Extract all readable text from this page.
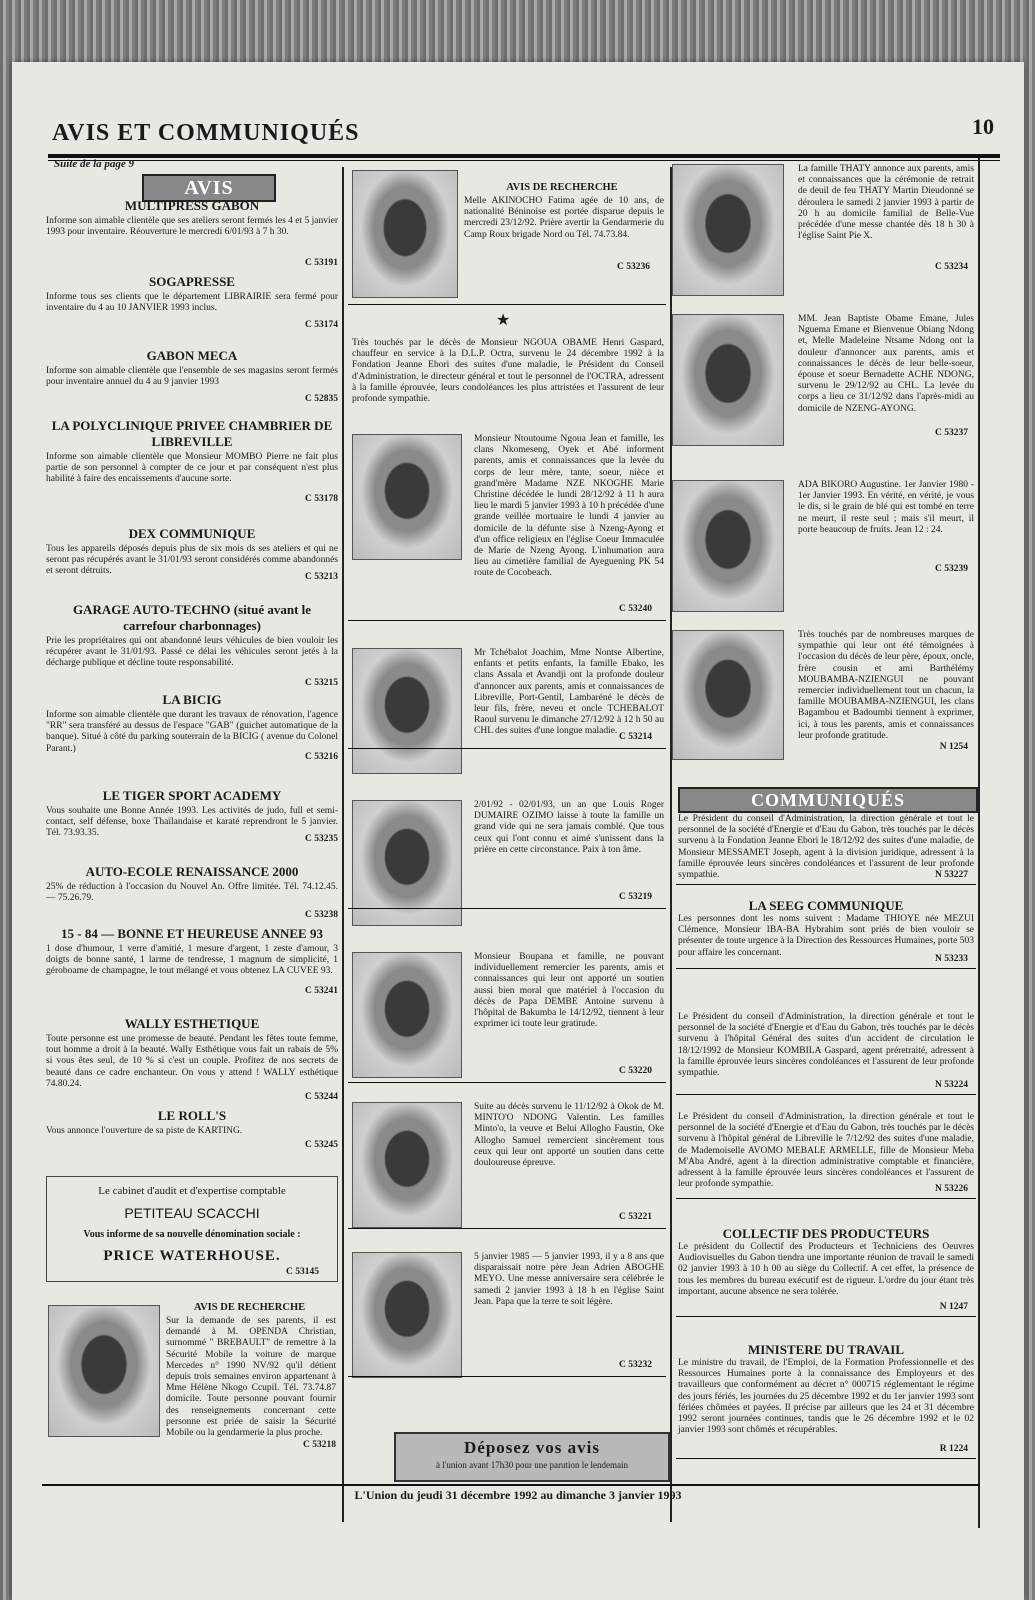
AVIS ET COMMUNIQUÉS	10
Suite de la page 9
AVIS
MULTIPRESS GABON
Informe son aimable clientèle que ses ateliers seront fermés les 4 et 5 janvier 1993 pour inventaire. Réouverture le mercredi 6/01/93 à 7 h 30.
C 53191
SOGAPRESSE
Informe tous ses clients que le département LIBRAIRIE sera fermé pour inventaire du 4 au 10 JANVIER 1993 inclus.
C 53174
GABON MECA
Informe son aimable clientèle que l'ensemble de ses magasins seront fermés pour inventaire annuel du 4 au 9 janvier 1993
C 52835
LA POLYCLINIQUE PRIVEE CHAMBRIER DE LIBREVILLE
Informe son aimable clientèle que Monsieur MOMBO Pierre ne fait plus partie de son personnel à compter de ce jour et par conséquent n'est plus habilité à faire des encaissements d'aucune sorte.
C 53178
DEX COMMUNIQUE
Tous les appareils déposés depuis plus de six mois ds ses ateliers et qui ne seront pas récupérés avant le 31/01/93 seront considérés comme abandonnés et seront détruits.
C 53213
GARAGE AUTO-TECHNO (situé avant le carrefour charbonnages)
Prie les propriétaires qui ont abandonné leurs véhicules de bien vouloir les récupérer avant le 31/01/93. Passé ce délai les véhicules seront jetés à la décharge publique et décline toute responsabilité.
C 53215
LA BICIG
Informe son aimable clientèle que durant les travaux de rénovation, l'agence "RR" sera transféré au dessus de l'espace "GAB" (guichet automatique de la banque). Situé à côté du parking souterrain de la BICIG ( avenue du Colonel Parant.)
C 53216
LE TIGER SPORT ACADEMY
Vous souhaite une Bonne Année 1993. Les activités de judo, full et semi-contact, self défense, boxe Thaïlandaise et karaté reprendront le 5 janvier. Tél. 73.93.35.
C 53235
AUTO-ECOLE RENAISSANCE 2000
25% de réduction à l'occasion du Nouvel An. Offre limitée. Tél. 74.12.45. — 75.26.79.
C 53238
15 - 84 — BONNE ET HEUREUSE ANNEE 93
1 dose d'humour, 1 verre d'amitié, 1 mesure d'argent, 1 zeste d'amour, 3 doigts de bonne santé, 1 larme de tendresse, 1 magnum de simplicité, 1 géroboame de champagne, le tout mélangé et vous obtenez LA CUVEE 93.
C 53241
WALLY ESTHETIQUE
Toute personne est une promesse de beauté. Pendant les fêtes toute femme, tout homme a droit à la beauté. Wally Esthétique vous fait un rabais de 5% si vous êtes seul, de 10 % si c'est un couple. Profitez de nos secrets de beauté dans ce cadre enchanteur. On vous y attend ! WALLY esthétique 74.80.24.
C 53244
LE ROLL'S
Vous annonce l'ouverture de sa piste de KARTING.
C 53245
Le cabinet d'audit et d'expertise comptable
PETITEAU SCACCHI
Vous informe de sa nouvelle dénomination sociale :
PRICE WATERHOUSE.
C 53145
AVIS DE RECHERCHE
Sur la demande de ses parents, il est demandé à M. OPENDA Christian, surnommé " BREBAULT" de remettre à la Sécurité Mobile la voiture de marque Mercedes n° 1990 NV/92 qu'il détient depuis trois semaines environ appartenant à Mme Hélène Nkogo Ccupil. Tél. 73.74.87 domicile. Toute personne pouvant fournir des renseignements concernant cette personne est priée de saisir la Sécurité Mobile ou la gendarmerie la plus proche.
C 53218
AVIS DE RECHERCHE
Melle AKINOCHO Fatima agée de 10 ans, de nationalité Béninoise est portée disparue depuis le mercredi 23/12/92. Prière avertir la Gendarmerie du Camp Roux brigade Nord ou Tél. 74.73.84.
C 53236
★
Très touchés par le décès de Monsieur NGOUA OBAME Henri Gaspard, chauffeur en service à la D.L.P. Octra, survenu le 24 décembre 1992 à la Fondation Jeanne Ebori des suites d'une maladie, le Président du Conseil d'Administration, le directeur général et tout le personnel de l'OCTRA, adressent à la famille éprouvée, leurs condoléances les plus attristées et l'assurent de leur profonde sympathie.
Monsieur Ntoutoume Ngoua Jean et famille, les clans Nkomeseng, Oyek et Abé informent parents, amis et connaissances que la levée du corps de leur mère, tante, soeur, nièce et grand'mère Madame NZE NKOGHE Marie Christine décédée le lundi 28/12/92 à 11 h aura lieu le mardi 5 janvier 1993 à 10 h précédée d'une grande veillée mortuaire le lundi 4 janvier au domicile de la défunte sise à Nzeng-Ayong et d'un office religieux en l'église Coeur Immaculée de Marie de Nzeng Ayong. L'inhumation aura lieu au cimetière familial de Ayeguening PK 54 route de Cocobeach.
C 53240
Mr Tchébalot Joachim, Mme Nontse Albertine, enfants et petits enfants, la famille Ebako, les clans Assala et Avandji ont la profonde douleur d'annoncer aux parents, amis et connaissances de Libreville, Port-Gentil, Lambaréné le décès de leur fils, frère, neveu et oncle TCHEBALOT Raoul survenu le dimanche 27/12/92 à 12 h 50 au CHL des suites d'une longue maladie.
C 53214
2/01/92 - 02/01/93, un an que Louis Roger DUMAIRE OZIMO laisse à toute la famille un grand vide qui ne sera jamais comblé. Que tous ceux qui l'ont connu et aimé s'unissent dans la prière en cette circonstance. Paix à ton âme.
C 53219
Monsieur Boupana et famille, ne pouvant individuellement remercier les parents, amis et connaissances qui leur ont apporté un soutien aussi bien moral que matériel à l'occasion du décès de Papa DEMBE Antoine survenu à l'hôpital de Bakumba le 14/12/92, tiennent à leur exprimer ici toute leur gratitude.
C 53220
Suite au décès survenu le 11/12/92 à Okok de M. MINTO'O NDONG Valentin. Les familles Minto'o, la veuve et Belui Allogho Faustin, Oke Allogho Samuel remercient sincèrement tous ceux qui leur ont apporté un soutien dans cette douloureuse épreuve.
C 53221
5 janvier 1985 — 5 janvier 1993, il y a 8 ans que disparaissait notre père Jean Adrien ABOGHE MEYO. Une messe anniversaire sera célébrée le samedi 2 janvier 1993 à 18 h en l'église Saint Jean. Papa que la terre te soit légère.
C 53232
Déposez vos avis
à l'union avant 17h30 pour une parution le lendemain
La famille THATY annonce aux parents, amis et connaissances que la cérémonie de retrait de deuil de feu THATY Martin Dieudonné se déroulera le samedi 2 janvier 1993 à partir de 20 h au domicile familial de Belle-Vue précédée d'une messe chantée dès 18 h 30 à l'église Saint Pie X.
C 53234
MM. Jean Baptiste Obame Emane, Jules Nguema Emane et Bienvenue Obiang Ndong et, Melle Madeleine Ntsame Ndong ont la douleur d'annoncer aux parents, amis et connaissances le décès de leur belle-soeur, épouse et soeur Bernadette ACHE NDONG, survenu le 29/12/92 au CHL. La levée du corps a lieu ce 31/12/92 dans l'après-midi au domicile de NZENG-AYONG.
C 53237
ADA BIKORO Augustine. 1er Janvier 1980 - 1er Janvier 1993. En vérité, en vérité, je vous le dis, si le grain de blé qui est tombé en terre ne meurt, il reste seul ; mais s'il meurt, il porte beaucoup de fruits. Jean 12 : 24.
C 53239
Très touchés par de nombreuses marques de sympathie qui leur ont été témoignées à l'occasion du décès de leur père, époux, oncle, frère cousin et ami Barthélémy MOUBAMBA-NZIENGUI ne pouvant remercier individuellement tout un chacun, la famille MOUBAMBA-NZIENGUI, les clans Bagambou et Badoumbi tiennent à exprimer, ici, à tous les parents, amis et connaissances leur profonde gratitude.
N 1254
COMMUNIQUÉS
Le Président du conseil d'Administration, la direction générale et tout le personnel de la société d'Energie et d'Eau du Gabon, très touchés par le décès survenu à la Fondation Jeanne Ebori le 18/12/92 des suites d'une maladie, de Monsieur MESSAMET Joseph, agent à la division juridique, adressent à la famille éprouvée leurs sincères condoléances et l'assurent de leur profonde sympathie.	N 53227
LA SEEG COMMUNIQUE
Les personnes dont les noms suivent : Madame THIOYE née MEZUI Clémence, Monsieur IBA-BA Hybrahim sont priés de bien vouloir se présenter de toute urgence à la Direction des Ressources Humaines, porte 503 pour affaire les concernant.
N 53233
Le Président du conseil d'Administration, la direction générale et tout le personnel de la société d'Energie et d'Eau du Gabon, très touchés par le décès survenu à l'hôpital Général des suites d'un accident de circulation le 18/12/1992 de Monsieur KOMBILA Gaspard, agent préretraité, adressent à la famille éprouvée leurs sincères condoléances et l'assurent de leur profonde sympathie.
N 53224
Le Président du conseil d'Administration, la direction générale et tout le personnel de la société d'Energie et d'Eau du Gabon, très touchés par le décès survenu à l'hôpital général de Libreville le 7/12/92 des suites d'une maladie, de Mademoiselle AVOMO MEBALE ARMELLE, fille de Monsieur Meba M'Aba André, agent à la direction administrative comptable et financière, adressent à la famille éprouvée leurs sincères condoléances et l'assurent de leur profonde sympathie.	N 53226
COLLECTIF DES PRODUCTEURS
Le président du Collectif des Producteurs et Techniciens des Oeuvres Audiovisuelles du Gabon tiendra une importante réunion de travail le samedi 02 janvier 1993 à 10 h 00 au siège du Collectif. A cet effet, la présence de tous les membres du bureau exécutif est de rigueur. L'ordre du jour étant très important, aucune absence ne sera tolérée.
N 1247
MINISTERE DU TRAVAIL
Le ministre du travail, de l'Emploi, de la Formation Professionnelle et des Ressources Humaines porte à la connaissance des Employeurs et des travailleurs que conformément au décret n° 000715 réglementant le régime des jours fériés, les journées du 25 décembre 1992 et du 1er janvier 1993 sont fériées chômées et payées. Il précise par ailleurs que les 24 et 31 décembre 1992 seront journées continues, tandis que le 26 décembre 1992 et le 02 janvier 1993 sont chômés et récupérables.
R 1224
L'Union du jeudi 31 décembre 1992 au dimanche 3 janvier 1993
